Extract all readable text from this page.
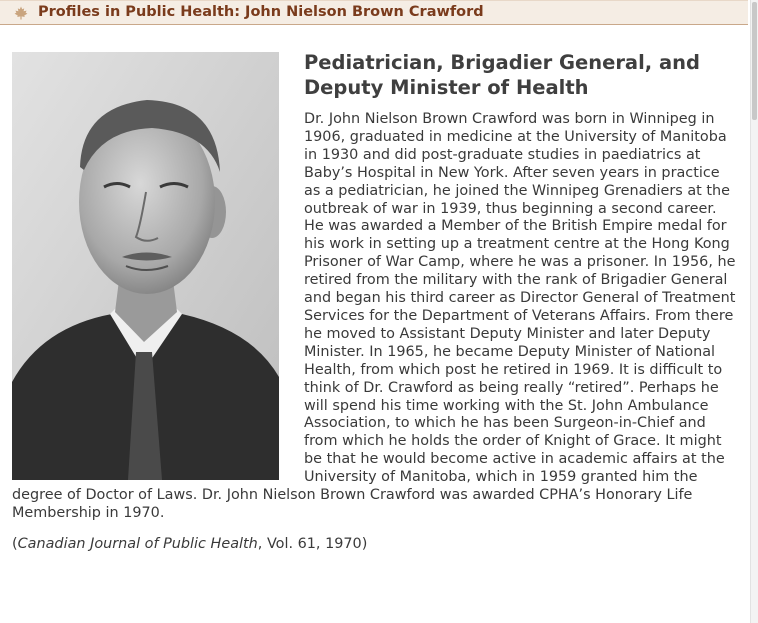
Profiles in Public Health: John Nielson Brown Crawford
Pediatrician, Brigadier General, and Deputy Minister of Health

Dr. John Nielson Brown Crawford was born in Winnipeg in 1906, graduated in medicine at the University of Manitoba in 1930 and did post-graduate studies in paediatrics at Baby’s Hospital in New York. After seven years in practice as a pediatrician, he joined the Winnipeg Grenadiers at the outbreak of war in 1939, thus beginning a second career. He was awarded a Member of the British Empire medal for his work in setting up a treatment centre at the Hong Kong Prisoner of War Camp, where he was a prisoner. In 1956, he retired from the military with the rank of Brigadier General and began his third career as Director General of Treatment Services for the Department of Veterans Affairs. From there he moved to Assistant Deputy Minister and later Deputy Minister. In 1965, he became Deputy Minister of National Health, from which post he retired in 1969. It is difficult to think of Dr. Crawford as being really “retired”. Perhaps he will spend his time working with the St. John Ambulance Association, to which he has been Surgeon-in-Chief and from which he holds the order of Knight of Grace. It might be that he would become active in academic affairs at the University of Manitoba, which in 1959 granted him the degree of Doctor of Laws. Dr. John Nielson Brown Crawford was awarded CPHA’s Honorary Life Membership in 1970.

(Canadian Journal of Public Health, Vol. 61, 1970)
